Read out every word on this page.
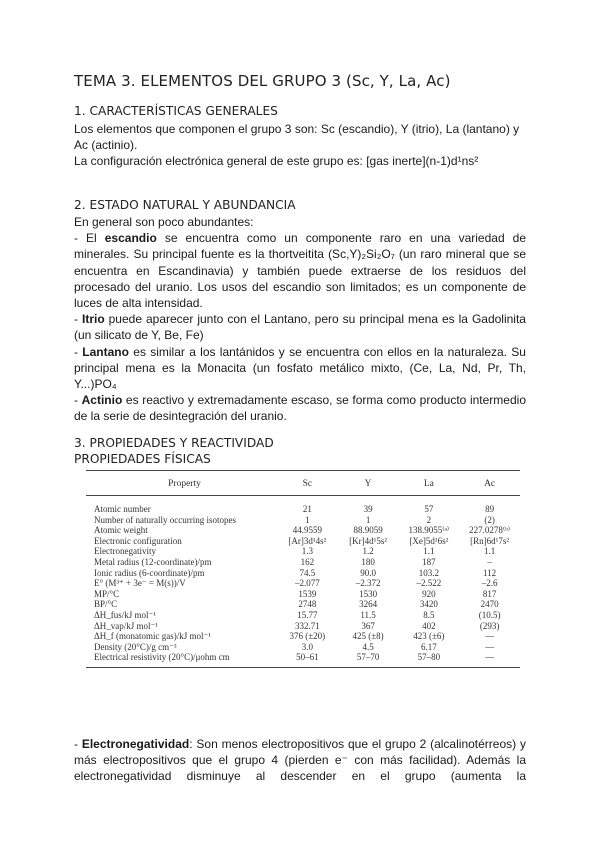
TEMA 3. ELEMENTOS DEL GRUPO 3 (Sc, Y, La, Ac)
1. CARACTERÍSTICAS GENERALES
Los elementos que componen el grupo 3 son: Sc (escandio), Y (itrio), La (lantano) y Ac (actinio).
La configuración electrónica general de este grupo es: [gas inerte](n-1)d¹ns²
2. ESTADO NATURAL Y ABUNDANCIA
En general son poco abundantes:
- El escandio se encuentra como un componente raro en una variedad de minerales. Su principal fuente es la thortveitita (Sc,Y)₂Si₂O₇ (un raro mineral que se encuentra en Escandinavia) y también puede extraerse de los residuos del procesado del uranio. Los usos del escandio son limitados; es un componente de luces de alta intensidad.
- Itrio puede aparecer junto con el Lantano, pero su principal mena es la Gadolinita (un silicato de Y, Be, Fe)
- Lantano es similar a los lantánidos y se encuentra con ellos en la naturaleza. Su principal mena es la Monacita (un fosfato metálico mixto, (Ce, La, Nd, Pr, Th, Y...)PO₄
- Actinio es reactivo y extremadamente escaso, se forma como producto intermedio de la serie de desintegración del uranio.
3. PROPIEDADES Y REACTIVIDAD
PROPIEDADES FÍSICAS
Property	Sc	Y	La	Ac
Atomic number	21	39	57	89
Number of naturally occurring isotopes	1	1	2	(2)
Atomic weight	44.9559	88.9059	138.9055⁽ᵃ⁾	227.0278⁽ᵇ⁾
Electronic configuration	[Ar]3d¹4s²	[Kr]4d¹5s²	[Xe]5d¹6s²	[Rn]6d¹7s²
Electronegativity	1.3	1.2	1.1	1.1
Metal radius (12-coordinate)/pm	162	180	187	–
Ionic radius (6-coordinate)/pm	74.5	90.0	103.2	112
E° (M³⁺ + 3e⁻ = M(s))/V	–2.077	–2.372	–2.522	–2.6
MP/°C	1539	1530	920	817
BP/°C	2748	3264	3420	2470
ΔH_fus/kJ mol⁻¹	15.77	11.5	8.5	(10.5)
ΔH_vap/kJ mol⁻¹	332.71	367	402	(293)
ΔH_f (monatomic gas)/kJ mol⁻¹	376 (±20)	425 (±8)	423 (±6)	—
Density (20°C)/g cm⁻³	3.0	4.5	6.17	—
Electrical resistivity (20°C)/μohm cm	50–61	57–70	57–80	—
- Electronegatividad: Son menos electropositivos que el grupo 2 (alcalinotérreos) y
más electropositivos que el grupo 4 (pierden e⁻ con más facilidad). Además la
electronegatividad disminuye al descender en el grupo (aumenta la
